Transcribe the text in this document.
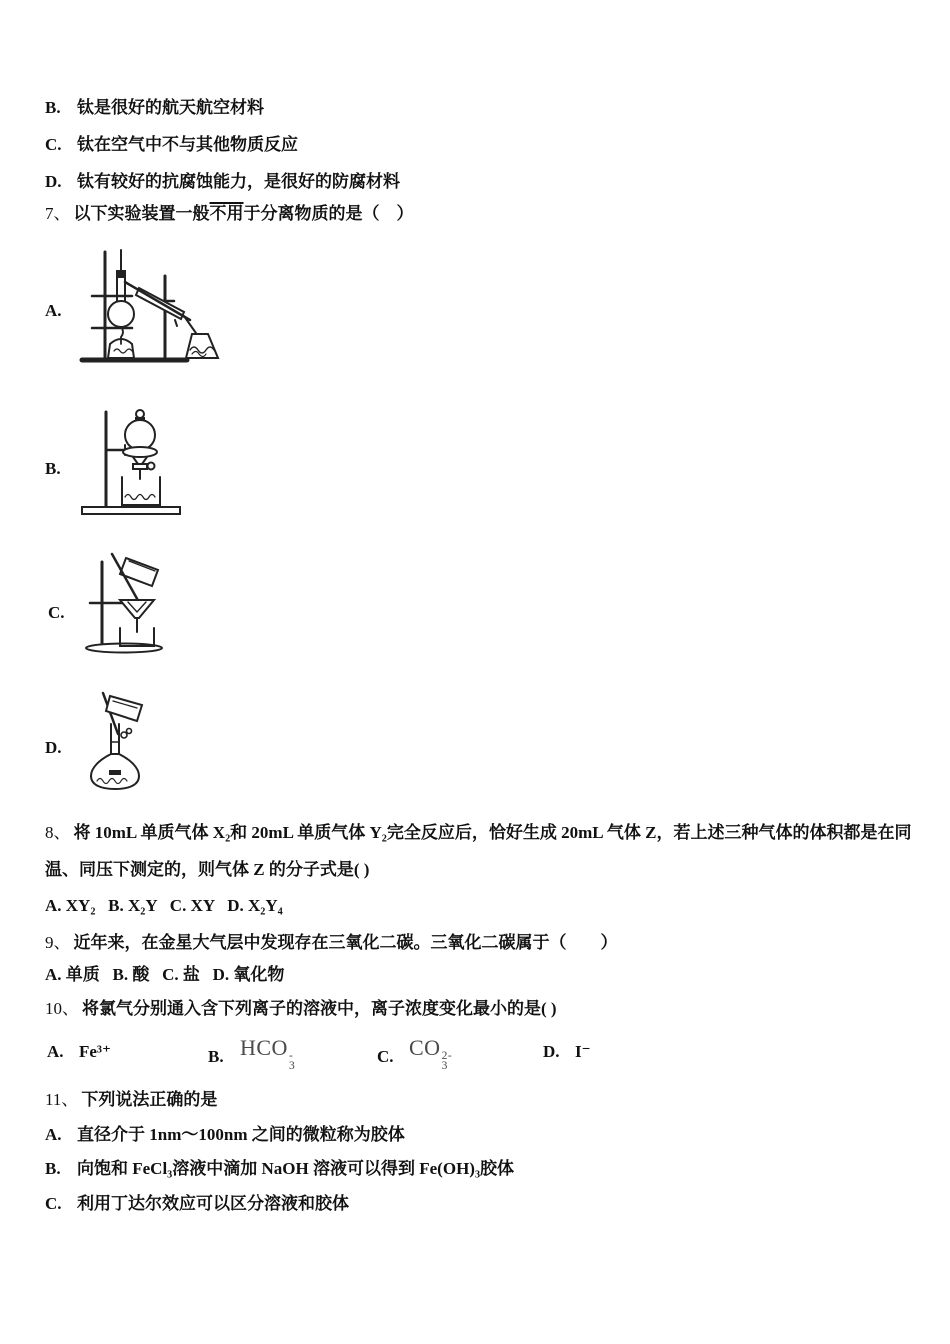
B. 钛是很好的航天航空材料
C. 钛在空气中不与其他物质反应
D. 钛有较好的抗腐蚀能力，是很好的防腐材料
7、 以下实验装置一般不用于分离物质的是（　）
A.
B.
C.
D.
8、 将 10mL 单质气体 X₂和 20mL 单质气体 Y₂完全反应后，恰好生成 20mL 气体 Z，若上述三种气体的体积都是在同
温、同压下测定的，则气体 Z 的分子式是( )
A. XY₂   B. X₂Y   C. XY   D. X₂Y₄
9、 近年来，在金星大气层中发现存在三氧化二碳。三氧化二碳属于（　　）
A. 单质   B. 酸   C. 盐   D. 氧化物
10、 将氯气分别通入含下列离子的溶液中，离子浓度变化最小的是( )
A. Fe³⁺	B. HCO -
3	C. CO 2-
3
D. I⁻
11、 下列说法正确的是
A. 直径介于 1nm～100nm 之间的微粒称为胶体
B. 向饱和 FeCl₃溶液中滴加 NaOH 溶液可以得到 Fe(OH)₃胶体
C. 利用丁达尔效应可以区分溶液和胶体
